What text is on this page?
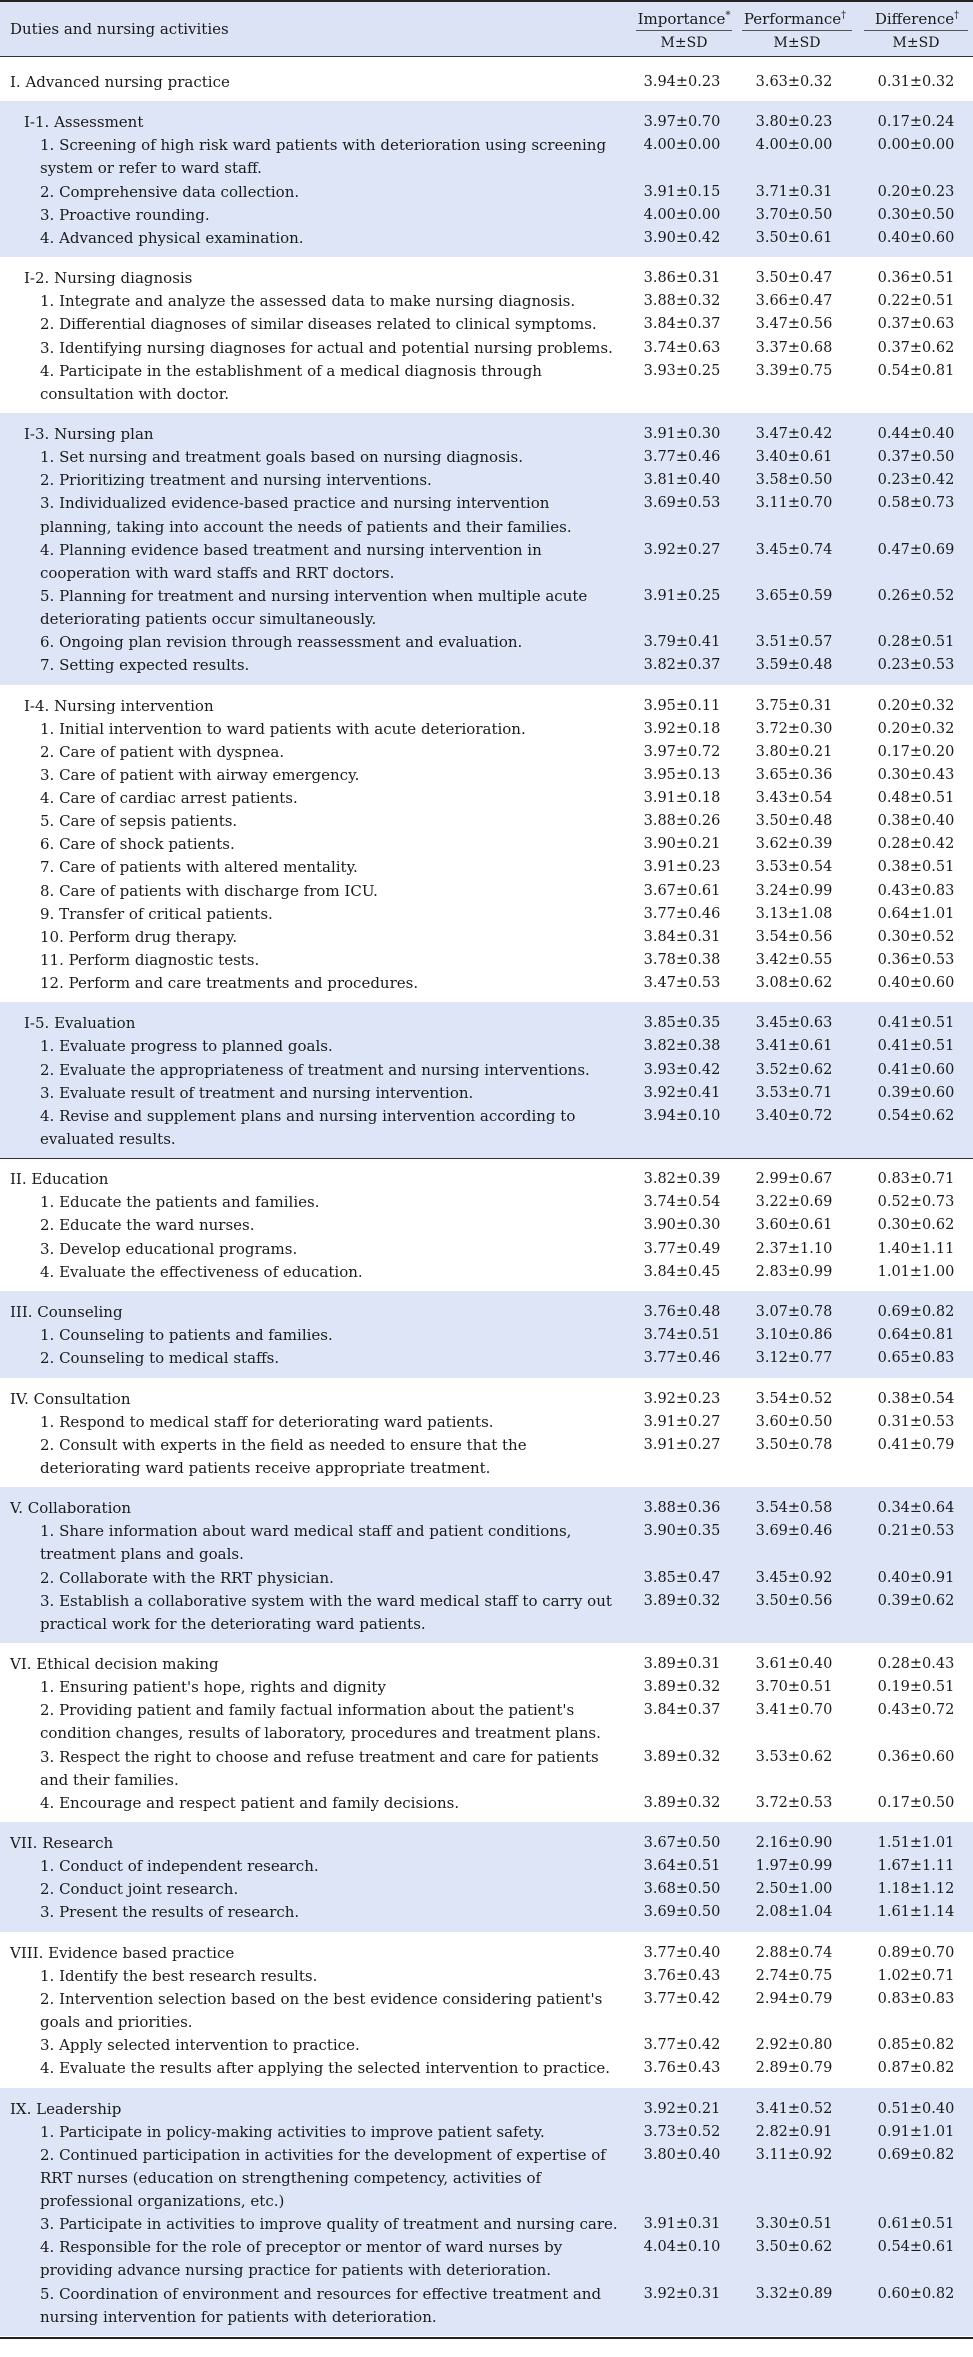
Duties and nursing activities
Importance* Performance†	Difference†
M±SD	M±SD	M±SD
I. Advanced nursing practice	3.94±0.23	3.63±0.32	0.31±0.32
I-1. Assessment	3.97±0.70	3.80±0.23	0.17±0.24
1. Screening of high risk ward patients with deterioration using screening system or refer to ward staff.
4.00±0.00	4.00±0.00	0.00±0.00
2. Comprehensive data collection.	3.91±0.15	3.71±0.31	0.20±0.23
3. Proactive rounding.	4.00±0.00	3.70±0.50	0.30±0.50
4. Advanced physical examination.	3.90±0.42	3.50±0.61	0.40±0.60
I-2. Nursing diagnosis	3.86±0.31	3.50±0.47	0.36±0.51
1. Integrate and analyze the assessed data to make nursing diagnosis.	3.88±0.32	3.66±0.47	0.22±0.51
2. Differential diagnoses of similar diseases related to clinical symptoms.	3.84±0.37	3.47±0.56	0.37±0.63
3. Identifying nursing diagnoses for actual and potential nursing problems.	3.74±0.63	3.37±0.68	0.37±0.62
4. Participate in the establishment of a medical diagnosis through consultation with doctor.
3.93±0.25	3.39±0.75	0.54±0.81
I-3. Nursing plan	3.91±0.30	3.47±0.42	0.44±0.40
1. Set nursing and treatment goals based on nursing diagnosis.	3.77±0.46	3.40±0.61	0.37±0.50
2. Prioritizing treatment and nursing interventions.	3.81±0.40	3.58±0.50	0.23±0.42
3. Individualized evidence-based practice and nursing intervention planning, taking into account the needs of patients and their families.
3.69±0.53	3.11±0.70	0.58±0.73
4. Planning evidence based treatment and nursing intervention in cooperation with ward staffs and RRT doctors.
3.92±0.27	3.45±0.74	0.47±0.69
5. Planning for treatment and nursing intervention when multiple acute deteriorating patients occur simultaneously.
3.91±0.25	3.65±0.59	0.26±0.52
6. Ongoing plan revision through reassessment and evaluation.	3.79±0.41	3.51±0.57	0.28±0.51
7. Setting expected results.	3.82±0.37	3.59±0.48	0.23±0.53
I-4. Nursing intervention	3.95±0.11	3.75±0.31	0.20±0.32
1. Initial intervention to ward patients with acute deterioration.	3.92±0.18	3.72±0.30	0.20±0.32
2. Care of patient with dyspnea.	3.97±0.72	3.80±0.21	0.17±0.20
3. Care of patient with airway emergency.	3.95±0.13	3.65±0.36	0.30±0.43
4. Care of cardiac arrest patients.	3.91±0.18	3.43±0.54	0.48±0.51
5. Care of sepsis patients.	3.88±0.26	3.50±0.48	0.38±0.40
6. Care of shock patients.	3.90±0.21	3.62±0.39	0.28±0.42
7. Care of patients with altered mentality.	3.91±0.23	3.53±0.54	0.38±0.51
8. Care of patients with discharge from ICU.	3.67±0.61	3.24±0.99	0.43±0.83
9. Transfer of critical patients.	3.77±0.46	3.13±1.08	0.64±1.01
10. Perform drug therapy.	3.84±0.31	3.54±0.56	0.30±0.52
11. Perform diagnostic tests.	3.78±0.38	3.42±0.55	0.36±0.53
12. Perform and care treatments and procedures.	3.47±0.53	3.08±0.62	0.40±0.60
I-5. Evaluation	3.85±0.35	3.45±0.63	0.41±0.51
1. Evaluate progress to planned goals.	3.82±0.38	3.41±0.61	0.41±0.51
2. Evaluate the appropriateness of treatment and nursing interventions.	3.93±0.42	3.52±0.62	0.41±0.60
3. Evaluate result of treatment and nursing intervention.	3.92±0.41	3.53±0.71	0.39±0.60
4. Revise and supplement plans and nursing intervention according to evaluated results.
3.94±0.10	3.40±0.72	0.54±0.62
II. Education	3.82±0.39	2.99±0.67	0.83±0.71
1. Educate the patients and families.	3.74±0.54	3.22±0.69	0.52±0.73
2. Educate the ward nurses.	3.90±0.30	3.60±0.61	0.30±0.62
3. Develop educational programs.	3.77±0.49	2.37±1.10	1.40±1.11
4. Evaluate the effectiveness of education.	3.84±0.45	2.83±0.99	1.01±1.00
III. Counseling	3.76±0.48	3.07±0.78	0.69±0.82
1. Counseling to patients and families.	3.74±0.51	3.10±0.86	0.64±0.81
2. Counseling to medical staffs.	3.77±0.46	3.12±0.77	0.65±0.83
IV. Consultation	3.92±0.23	3.54±0.52	0.38±0.54
1. Respond to medical staff for deteriorating ward patients.	3.91±0.27	3.60±0.50	0.31±0.53
2. Consult with experts in the field as needed to ensure that the deteriorating ward patients receive appropriate treatment.
3.91±0.27	3.50±0.78	0.41±0.79
V. Collaboration	3.88±0.36	3.54±0.58	0.34±0.64
1. Share information about ward medical staff and patient conditions, treatment plans and goals.
3.90±0.35	3.69±0.46	0.21±0.53
2. Collaborate with the RRT physician.	3.85±0.47	3.45±0.92	0.40±0.91
3. Establish a collaborative system with the ward medical staff to carry out practical work for the deteriorating ward patients.
3.89±0.32	3.50±0.56	0.39±0.62
VI. Ethical decision making	3.89±0.31	3.61±0.40	0.28±0.43
1. Ensuring patient's hope, rights and dignity	3.89±0.32	3.70±0.51	0.19±0.51
2. Providing patient and family factual information about the patient's condition changes, results of laboratory, procedures and treatment plans.
3.84±0.37	3.41±0.70	0.43±0.72
3. Respect the right to choose and refuse treatment and care for patients and their families.
3.89±0.32	3.53±0.62	0.36±0.60
4. Encourage and respect patient and family decisions.	3.89±0.32	3.72±0.53	0.17±0.50
VII. Research	3.67±0.50	2.16±0.90	1.51±1.01
1. Conduct of independent research.	3.64±0.51	1.97±0.99	1.67±1.11
2. Conduct joint research.	3.68±0.50	2.50±1.00	1.18±1.12
3. Present the results of research.	3.69±0.50	2.08±1.04	1.61±1.14
VIII. Evidence based practice	3.77±0.40	2.88±0.74	0.89±0.70
1. Identify the best research results.	3.76±0.43	2.74±0.75	1.02±0.71
2. Intervention selection based on the best evidence considering patient's goals and priorities.
3.77±0.42	2.94±0.79	0.83±0.83
3. Apply selected intervention to practice.	3.77±0.42	2.92±0.80	0.85±0.82
4. Evaluate the results after applying the selected intervention to practice.	3.76±0.43	2.89±0.79	0.87±0.82
IX. Leadership	3.92±0.21	3.41±0.52	0.51±0.40
1. Participate in policy-making activities to improve patient safety.	3.73±0.52	2.82±0.91	0.91±1.01
2. Continued participation in activities for the development of expertise of RRT nurses (education on strengthening competency, activities of professional organizations, etc.)
3.80±0.40	3.11±0.92	0.69±0.82
3. Participate in activities to improve quality of treatment and nursing care.	3.91±0.31	3.30±0.51	0.61±0.51
4. Responsible for the role of preceptor or mentor of ward nurses by providing advance nursing practice for patients with deterioration.
4.04±0.10	3.50±0.62	0.54±0.61
5. Coordination of environment and resources for effective treatment and nursing intervention for patients with deterioration.
3.92±0.31	3.32±0.89	0.60±0.82
